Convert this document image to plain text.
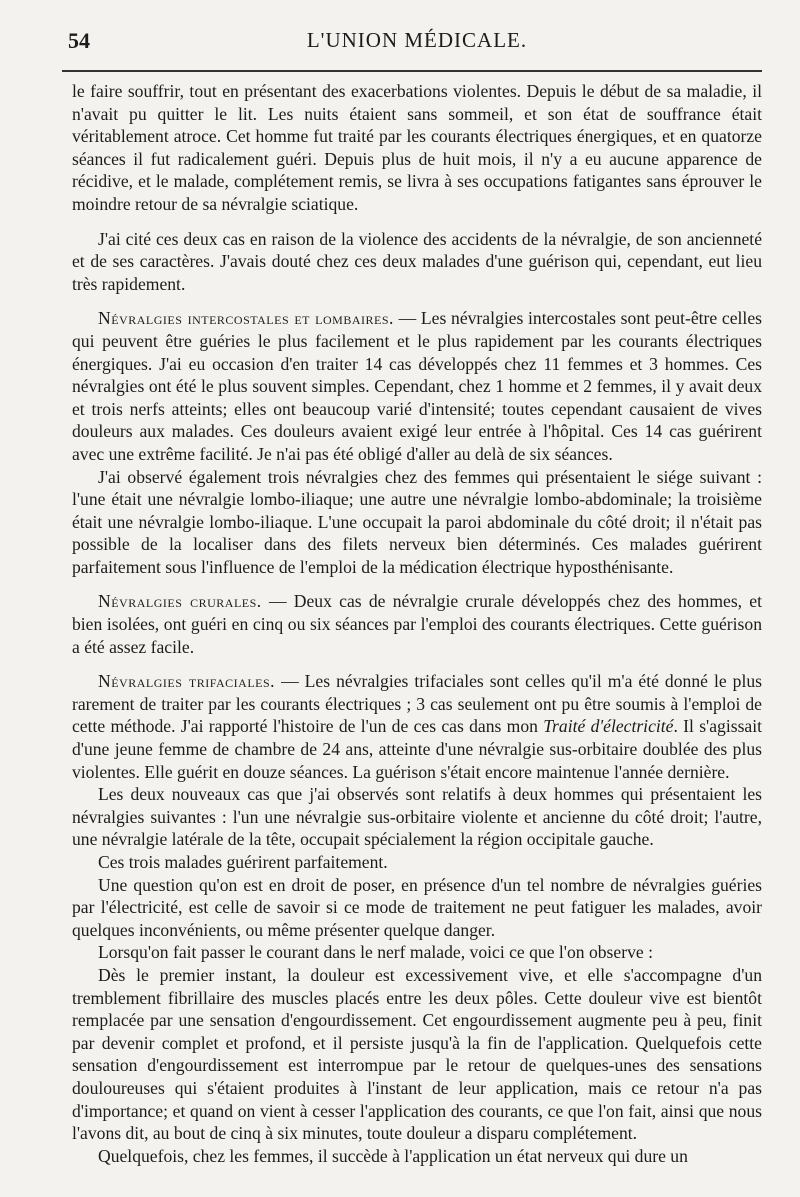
54	L'UNION MÉDICALE.

le faire souffrir, tout en présentant des exacerbations violentes. Depuis le début de sa maladie, il n'avait pu quitter le lit. Les nuits étaient sans sommeil, et son état de souffrance était véritablement atroce. Cet homme fut traité par les courants électriques énergiques, et en quatorze séances il fut radicalement guéri. Depuis plus de huit mois, il n'y a eu aucune apparence de récidive, et le malade, complétement remis, se livra à ses occupations fatigantes sans éprouver le moindre retour de sa névralgie sciatique.

J'ai cité ces deux cas en raison de la violence des accidents de la névralgie, de son ancienneté et de ses caractères. J'avais douté chez ces deux malades d'une guérison qui, cependant, eut lieu très rapidement.

Névralgies intercostales et lombaires. — Les névralgies intercostales sont peut-être celles qui peuvent être guéries le plus facilement et le plus rapidement par les courants électriques énergiques. J'ai eu occasion d'en traiter 14 cas développés chez 11 femmes et 3 hommes. Ces névralgies ont été le plus souvent simples. Cependant, chez 1 homme et 2 femmes, il y avait deux et trois nerfs atteints; elles ont beaucoup varié d'intensité; toutes cependant causaient de vives douleurs aux malades. Ces douleurs avaient exigé leur entrée à l'hôpital. Ces 14 cas guérirent avec une extrême facilité. Je n'ai pas été obligé d'aller au delà de six séances.

J'ai observé également trois névralgies chez des femmes qui présentaient le siége suivant : l'une était une névralgie lombo-iliaque; une autre une névralgie lombo-abdominale; la troisième était une névralgie lombo-iliaque. L'une occupait la paroi abdominale du côté droit; il n'était pas possible de la localiser dans des filets nerveux bien déterminés. Ces malades guérirent parfaitement sous l'influence de l'emploi de la médication électrique hyposthénisante.

Névralgies crurales. — Deux cas de névralgie crurale développés chez des hommes, et bien isolées, ont guéri en cinq ou six séances par l'emploi des courants électriques. Cette guérison a été assez facile.

Névralgies trifaciales. — Les névralgies trifaciales sont celles qu'il m'a été donné le plus rarement de traiter par les courants électriques ; 3 cas seulement ont pu être soumis à l'emploi de cette méthode. J'ai rapporté l'histoire de l'un de ces cas dans mon Traité d'électricité. Il s'agissait d'une jeune femme de chambre de 24 ans, atteinte d'une névralgie sus-orbitaire doublée des plus violentes. Elle guérit en douze séances. La guérison s'était encore maintenue l'année dernière.

Les deux nouveaux cas que j'ai observés sont relatifs à deux hommes qui présentaient les névralgies suivantes : l'un une névralgie sus-orbitaire violente et ancienne du côté droit; l'autre, une névralgie latérale de la tête, occupait spécialement la région occipitale gauche.

Ces trois malades guérirent parfaitement.

Une question qu'on est en droit de poser, en présence d'un tel nombre de névralgies guéries par l'électricité, est celle de savoir si ce mode de traitement ne peut fatiguer les malades, avoir quelques inconvénients, ou même présenter quelque danger.

Lorsqu'on fait passer le courant dans le nerf malade, voici ce que l'on observe :

Dès le premier instant, la douleur est excessivement vive, et elle s'accompagne d'un tremblement fibrillaire des muscles placés entre les deux pôles. Cette douleur vive est bientôt remplacée par une sensation d'engourdissement. Cet engourdissement augmente peu à peu, finit par devenir complet et profond, et il persiste jusqu'à la fin de l'application. Quelquefois cette sensation d'engourdissement est interrompue par le retour de quelques-unes des sensations douloureuses qui s'étaient produites à l'instant de leur application, mais ce retour n'a pas d'importance; et quand on vient à cesser l'application des courants, ce que l'on fait, ainsi que nous l'avons dit, au bout de cinq à six minutes, toute douleur a disparu complétement.

Quelquefois, chez les femmes, il succède à l'application un état nerveux qui dure un
